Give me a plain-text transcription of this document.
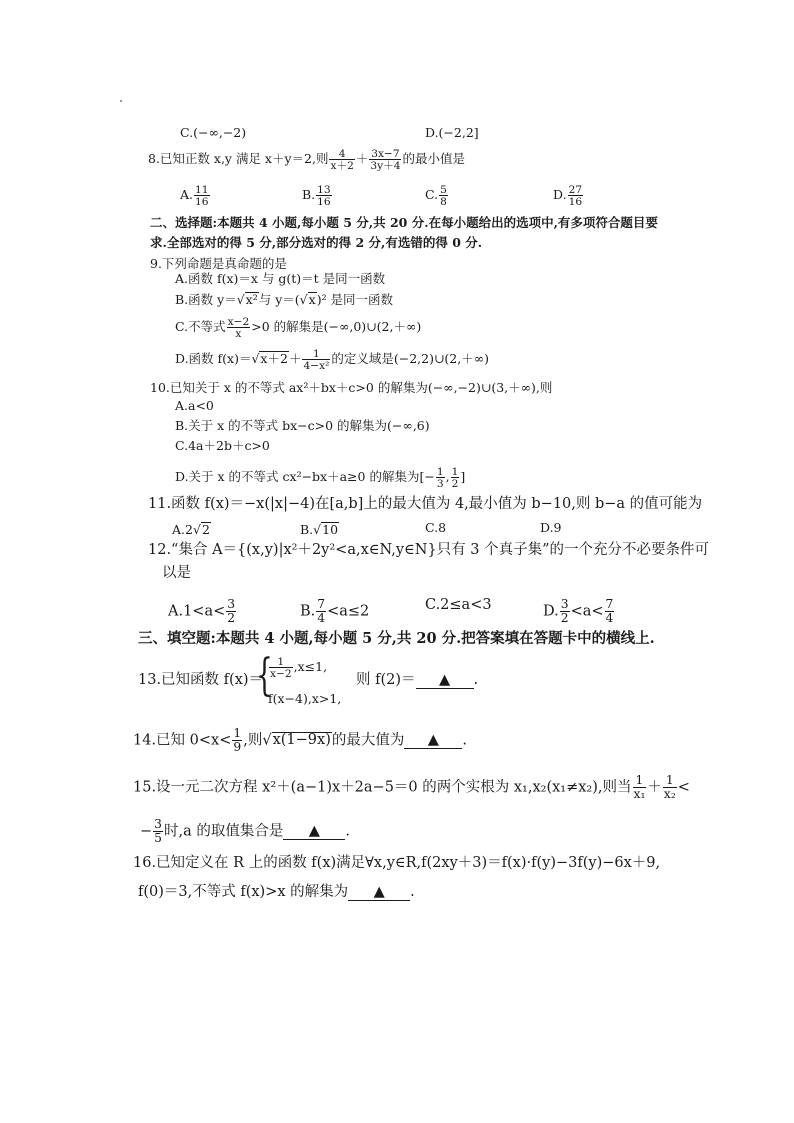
C.(−∞,−2)	D.(−2,2]
8.已知正数 x,y 满足 x＋y＝2,则 $\frac{4}{x+2} + \frac{3x-7}{3y+4}$ 的最小值是
A. $\frac{11}{16}$	B. $\frac{13}{16}$	C. $\frac{5}{8}$	D. $\frac{27}{16}$
二、选择题:本题共 4 小题,每小题 5 分,共 20 分.在每小题给出的选项中,有多项符合题目要
求.全部选对的得 5 分,部分选对的得 2 分,有选错的得 0 分.
9.下列命题是真命题的是
A.函数 f(x)＝x 与 g(t)＝t 是同一函数
B.函数 y＝√x²与 y＝(√x)² 是同一函数
C.不等式 $\frac{x-2}{x} >0$ 的解集是(−∞,0)∪(2,＋∞)
D.函数 $f(x)=√x+2+ \frac{1}{\text{4−x²}}$ 的定义域是(−2,2)∪(2,＋∞)
10.已知关于 x 的不等式 ax²＋bx＋c>0 的解集为(−∞,−2)∪(3,＋∞),则
A.a<0
B.关于 x 的不等式 bx−c>0 的解集为(−∞,6)
C.4a＋2b＋c>0
D.关于 x 的不等式 cx²−bx＋a≥0 的解集为[− $\frac{1}{3}$ , $\frac{1}{2}$ ]
11.函数 f(x)＝−x(|x|−4)在[a,b]上的最大值为 4,最小值为 b−10,则 b−a 的值可能为
A.2√2	B.√10	C.8	D.9
12.“集合 A＝{(x,y)|x²＋2y²<a,x∈N,y∈N}只有 3 个真子集”的一个充分不必要条件可
以是
$A.1<a< \frac{3}{2}$	B. $\frac{7}{4} <a\le 2$	C.2≤a<3	D. $\frac{3}{2} <a< \frac{7}{4}$
三、填空题:本题共 4 小题,每小题 5 分,共 20 分.把答案填在答题卡中的横线上.
13.已知函数 f(x)＝
{
$\frac{1}{x-2} ,x\le 1$,
f(x−4),x>1,
则 f(2)＝ ▲ .
14.已知 $0<x< \frac{1}{9}$ ,则√x(1−9x)的最大值为 ▲ .
15.设一元二次方程 x²＋(a−1)x＋2a−5＝0 的两个实根为 x₁,x₂(x₁≠x₂),则当 $\frac{1}{\text{x₁}} + \frac{1}{\text{x₂}}$ <
− $\frac{3}{5}$ 时,a 的取值集合是 ▲ .
16.已知定义在 R 上的函数 f(x)满足∀x,y∈R,f(2xy＋3)＝f(x)·f(y)−3f(y)−6x＋9,
f(0)＝3,不等式 f(x)>x 的解集为 ▲ .
